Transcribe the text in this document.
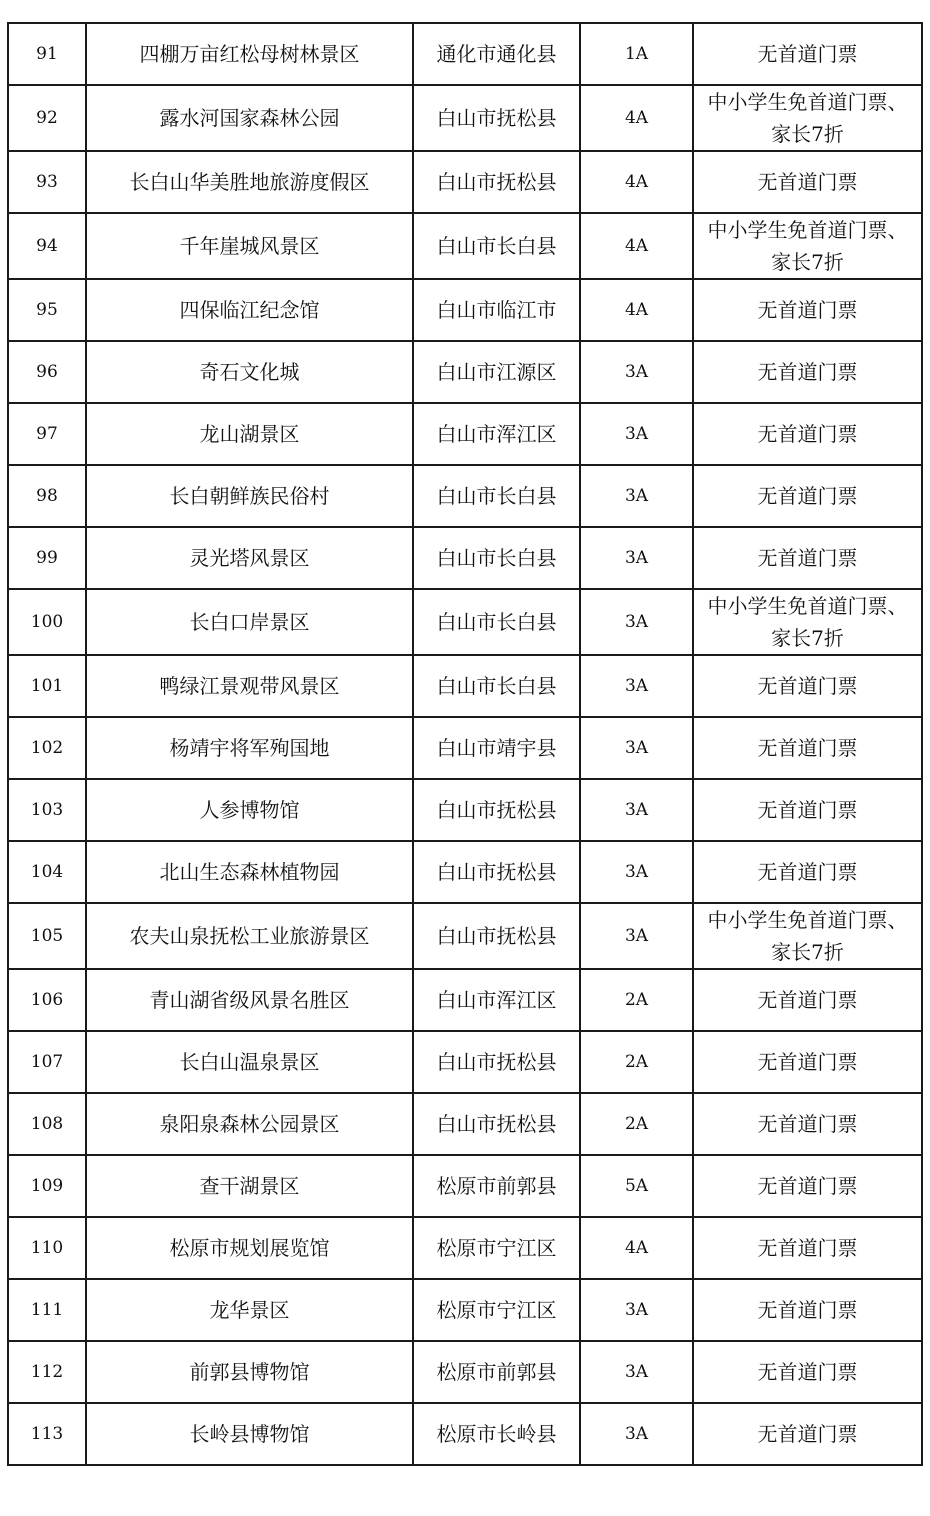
91	四棚万亩红松母树林景区	通化市通化县	1A	无首道门票
92	露水河国家森林公园	白山市抚松县	4A	中小学生免首道门票、
家长7折
93	长白山华美胜地旅游度假区	白山市抚松县	4A	无首道门票
94	千年崖城风景区	白山市长白县	4A	中小学生免首道门票、
家长7折
95	四保临江纪念馆	白山市临江市	4A	无首道门票
96	奇石文化城	白山市江源区	3A	无首道门票
97	龙山湖景区	白山市浑江区	3A	无首道门票
98	长白朝鲜族民俗村	白山市长白县	3A	无首道门票
99	灵光塔风景区	白山市长白县	3A	无首道门票
100	长白口岸景区	白山市长白县	3A	中小学生免首道门票、
家长7折
101	鸭绿江景观带风景区	白山市长白县	3A	无首道门票
102	杨靖宇将军殉国地	白山市靖宇县	3A	无首道门票
103	人参博物馆	白山市抚松县	3A	无首道门票
104	北山生态森林植物园	白山市抚松县	3A	无首道门票
105	农夫山泉抚松工业旅游景区	白山市抚松县	3A	中小学生免首道门票、
家长7折
106	青山湖省级风景名胜区	白山市浑江区	2A	无首道门票
107	长白山温泉景区	白山市抚松县	2A	无首道门票
108	泉阳泉森林公园景区	白山市抚松县	2A	无首道门票
109	查干湖景区	松原市前郭县	5A	无首道门票
110	松原市规划展览馆	松原市宁江区	4A	无首道门票
111	龙华景区	松原市宁江区	3A	无首道门票
112	前郭县博物馆	松原市前郭县	3A	无首道门票
113	长岭县博物馆	松原市长岭县	3A	无首道门票
